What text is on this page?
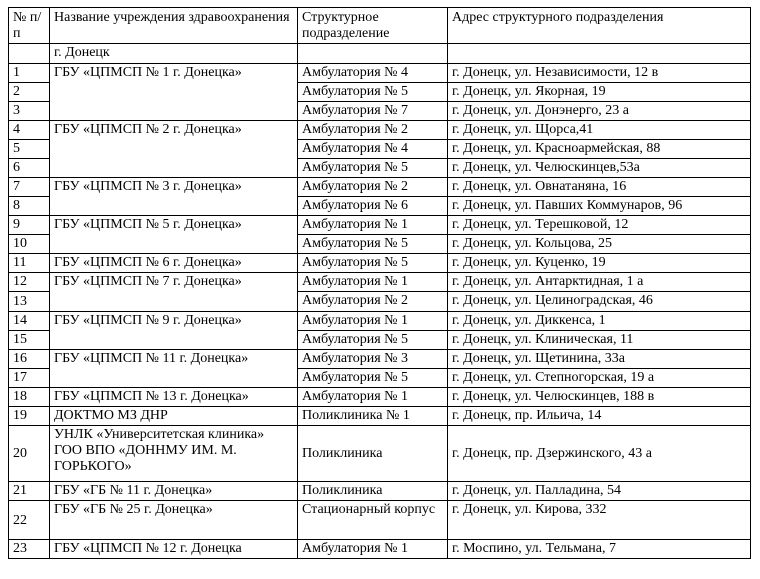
№ п/п	Название учреждения здравоохранения	Структурное подразделение	Адрес структурного подразделения
	г. Донецк		
1	ГБУ «ЦПМСП № 1 г. Донецка»	Амбулатория № 4	г. Донецк, ул. Независимости, 12 в
2		Амбулатория № 5	г. Донецк, ул. Якорная, 19
3		Амбулатория № 7	г. Донецк, ул. Донэнерго, 23 а
4	ГБУ «ЦПМСП № 2 г. Донецка»	Амбулатория № 2	г. Донецк, ул. Щорса,41
5		Амбулатория № 4	г. Донецк, ул. Красноармейская, 88
6		Амбулатория № 5	г. Донецк, ул. Челюскинцев,53а
7	ГБУ «ЦПМСП № 3 г. Донецка»	Амбулатория № 2	г. Донецк, ул. Овнатаняна, 16
8		Амбулатория № 6	г. Донецк, ул. Павших Коммунаров, 96
9	ГБУ «ЦПМСП № 5 г. Донецка»	Амбулатория № 1	г. Донецк, ул. Терешковой, 12
10		Амбулатория № 5	г. Донецк, ул. Кольцова, 25
11	ГБУ «ЦПМСП № 6 г. Донецка»	Амбулатория № 5	г. Донецк, ул. Куценко, 19
12	ГБУ «ЦПМСП № 7 г. Донецка»	Амбулатория № 1	г. Донецк, ул. Антарктидная, 1 а
13		Амбулатория № 2	г. Донецк, ул. Целиноградская, 46
14	ГБУ «ЦПМСП № 9 г. Донецка»	Амбулатория № 1	г. Донецк, ул. Диккенса, 1
15		Амбулатория № 5	г. Донецк, ул. Клиническая, 11
16	ГБУ «ЦПМСП № 11 г. Донецка»	Амбулатория № 3	г. Донецк, ул. Щетинина, 33а
17		Амбулатория № 5	г. Донецк, ул. Степногорская, 19 а
18	ГБУ «ЦПМСП № 13 г. Донецка»	Амбулатория № 1	г. Донецк, ул. Челюскинцев, 188 в
19	ДОКТМО МЗ ДНР	Поликлиника № 1	г. Донецк, пр. Ильича, 14
20	УНЛК «Университетская клиника» ГОО ВПО «ДОННМУ ИМ. М. ГОРЬКОГО»	Поликлиника	г. Донецк, пр. Дзержинского, 43 а
21	ГБУ «ГБ № 11 г. Донецка»	Поликлиника	г. Донецк, ул. Палладина, 54
22	ГБУ «ГБ № 25 г. Донецка»	Стационарный корпус	г. Донецк, ул. Кирова, 332
23	ГБУ «ЦПМСП № 12 г. Донецка	Амбулатория № 1	г. Моспино, ул. Тельмана, 7
